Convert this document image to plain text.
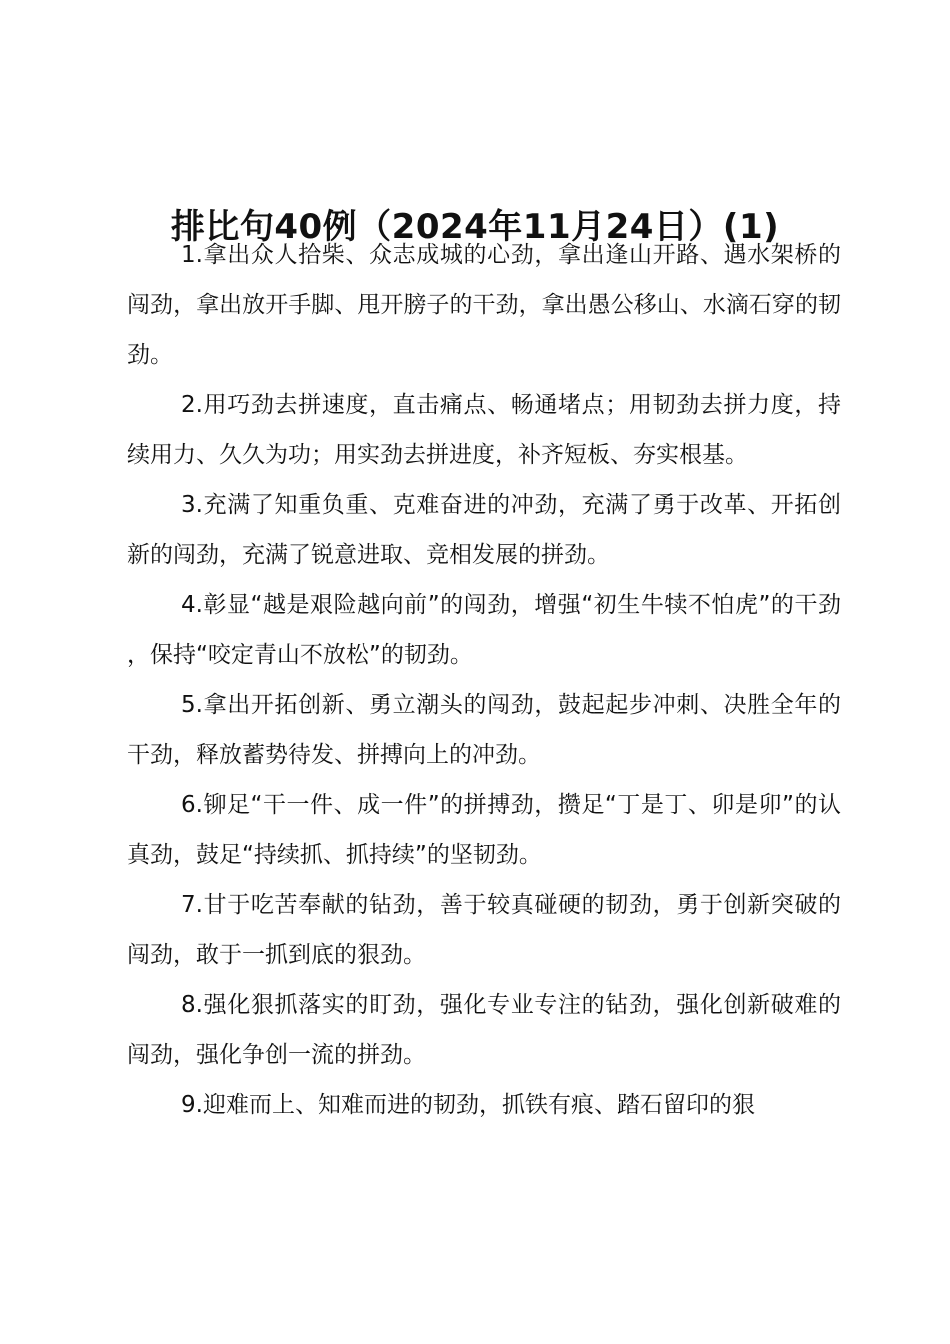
排比句40例（2024年11月24日）(1)

1.拿出众人拾柴、众志成城的心劲，拿出逢山开路、遇水架桥的闯劲，拿出放开手脚、甩开膀子的干劲，拿出愚公移山、水滴石穿的韧劲。

2.用巧劲去拼速度，直击痛点、畅通堵点；用韧劲去拼力度，持续用力、久久为功；用实劲去拼进度，补齐短板、夯实根基。

3.充满了知重负重、克难奋进的冲劲，充满了勇于改革、开拓创新的闯劲，充满了锐意进取、竞相发展的拼劲。

4.彰显“越是艰险越向前”的闯劲，增强“初生牛犊不怕虎”的干劲，保持“咬定青山不放松”的韧劲。

5.拿出开拓创新、勇立潮头的闯劲，鼓起起步冲刺、决胜全年的干劲，释放蓄势待发、拼搏向上的冲劲。

6.铆足“干一件、成一件”的拼搏劲，攒足“丁是丁、卯是卯”的认真劲，鼓足“持续抓、抓持续”的坚韧劲。

7.甘于吃苦奉献的钻劲，善于较真碰硬的韧劲，勇于创新突破的闯劲，敢于一抓到底的狠劲。

8.强化狠抓落实的盯劲，强化专业专注的钻劲，强化创新破难的闯劲，强化争创一流的拼劲。

9.迎难而上、知难而进的韧劲，抓铁有痕、踏石留印的狠
